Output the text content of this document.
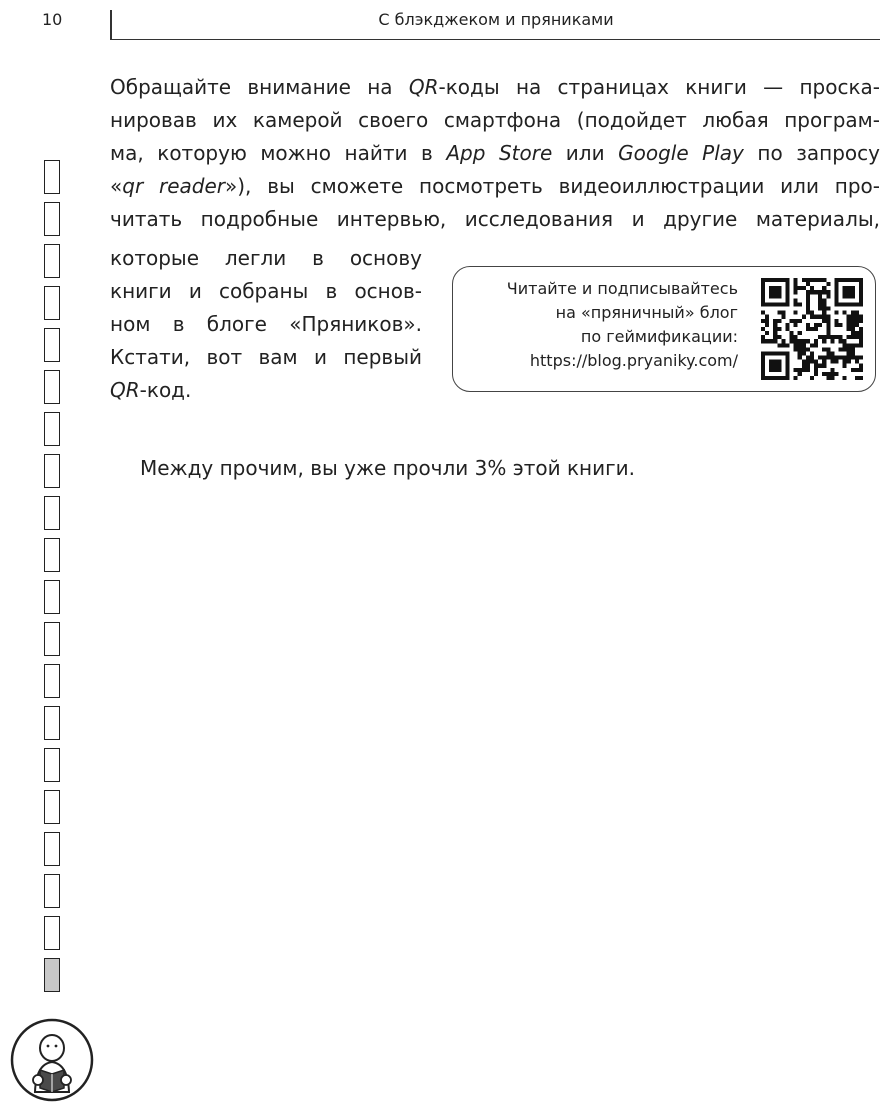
10	С блэкджеком и пряниками
Обращайте внимание на QR-коды на страницах книги — проска-
нировав их камерой своего смартфона (подойдет любая програм-
ма, которую можно найти в App Store или Google Play по запросу
«qr reader»), вы сможете посмотреть видеоиллюстрации или про-
читать подробные интервью, исследования и другие материалы,
которые легли в основу
книги и собраны в основ-
ном в блоге «Пряников».
Кстати, вот вам и первый
QR-код.
Читайте и подписывайтесь
на «пряничный» блог
по геймификации:
https://blog.pryaniky.com/
Между прочим, вы уже прочли 3% этой книги.
